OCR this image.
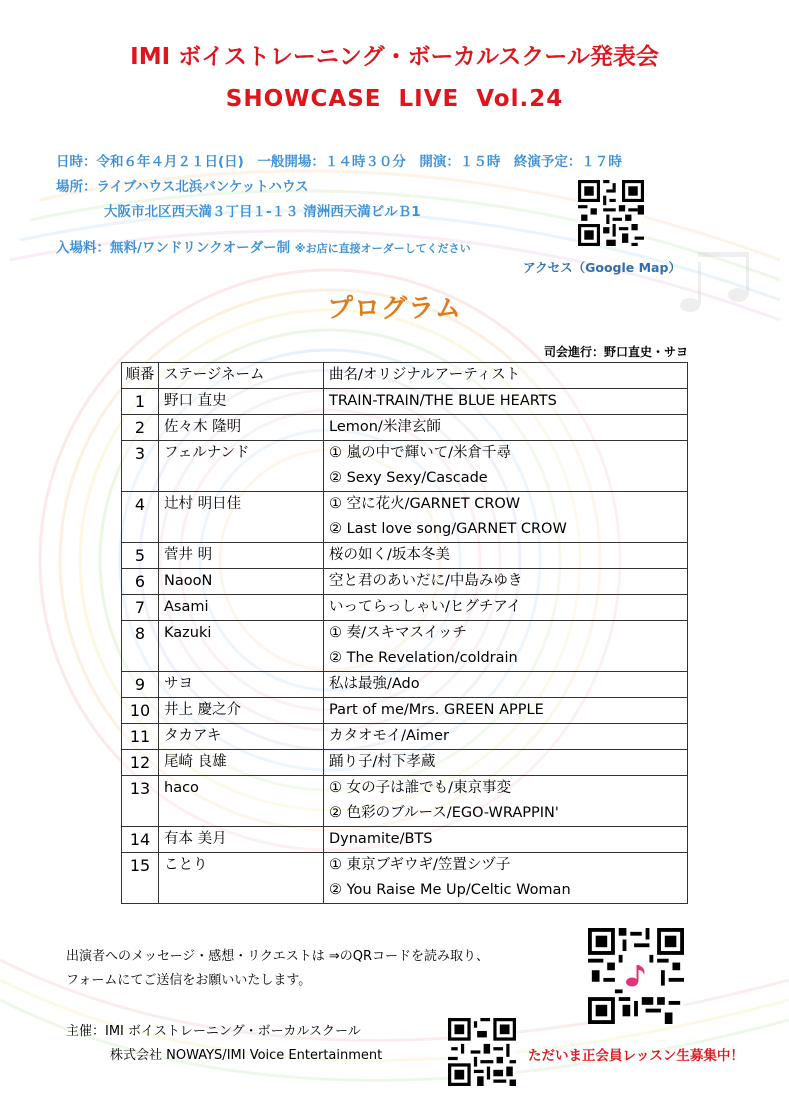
IMI ボイストレーニング・ボーカルスクール発表会
SHOWCASE LIVE Vol.24
日時：令和６年４月２１日(日)　一般開場：１４時３０分　開演：１５時　終演予定：１７時
場所：ライブハウス北浜バンケットハウス
大阪市北区西天満３丁目１-１３ 清洲西天満ビルＢ1
入場料：無料/ワンドリンクオーダー制 ※お店に直接オーダーしてください
アクセス（Google Map）
プログラム
司会進行：野口直史・サヨ
順番	ステージネーム	曲名/オリジナルアーティスト
1	野口 直史	TRAIN-TRAIN/THE BLUE HEARTS

2	佐々木 隆明	Lemon/米津玄師

3	フェルナンド	① 嵐の中で輝いて/米倉千尋
② Sexy Sexy/Cascade

4	辻村 明日佳	① 空に花火/GARNET CROW
② Last love song/GARNET CROW

5	菅井 明	桜の如く/坂本冬美

6	NaooN	空と君のあいだに/中島みゆき

7	Asami	いってらっしゃい/ヒグチアイ

8	Kazuki	① 奏/スキマスイッチ
② The Revelation/coldrain

9	サヨ	私は最強/Ado

10	井上 慶之介	Part of me/Mrs. GREEN APPLE

11	タカアキ	カタオモイ/Aimer

12	尾崎 良雄	踊り子/村下孝蔵

13	haco	① 女の子は誰でも/東京事変
② 色彩のブルース/EGO-WRAPPIN'

14	有本 美月	Dynamite/BTS

15	ことり	① 東京ブギウギ/笠置シヅ子
② You Raise Me Up/Celtic Woman
出演者へのメッセージ・感想・リクエストは ⇒のQRコードを読み取り、
フォームにてご送信をお願いいたします。
主催：IMI ボイストレーニング・ボーカルスクール
株式会社 NOWAYS/IMI Voice Entertainment	ただいま正会員レッスン生募集中！
